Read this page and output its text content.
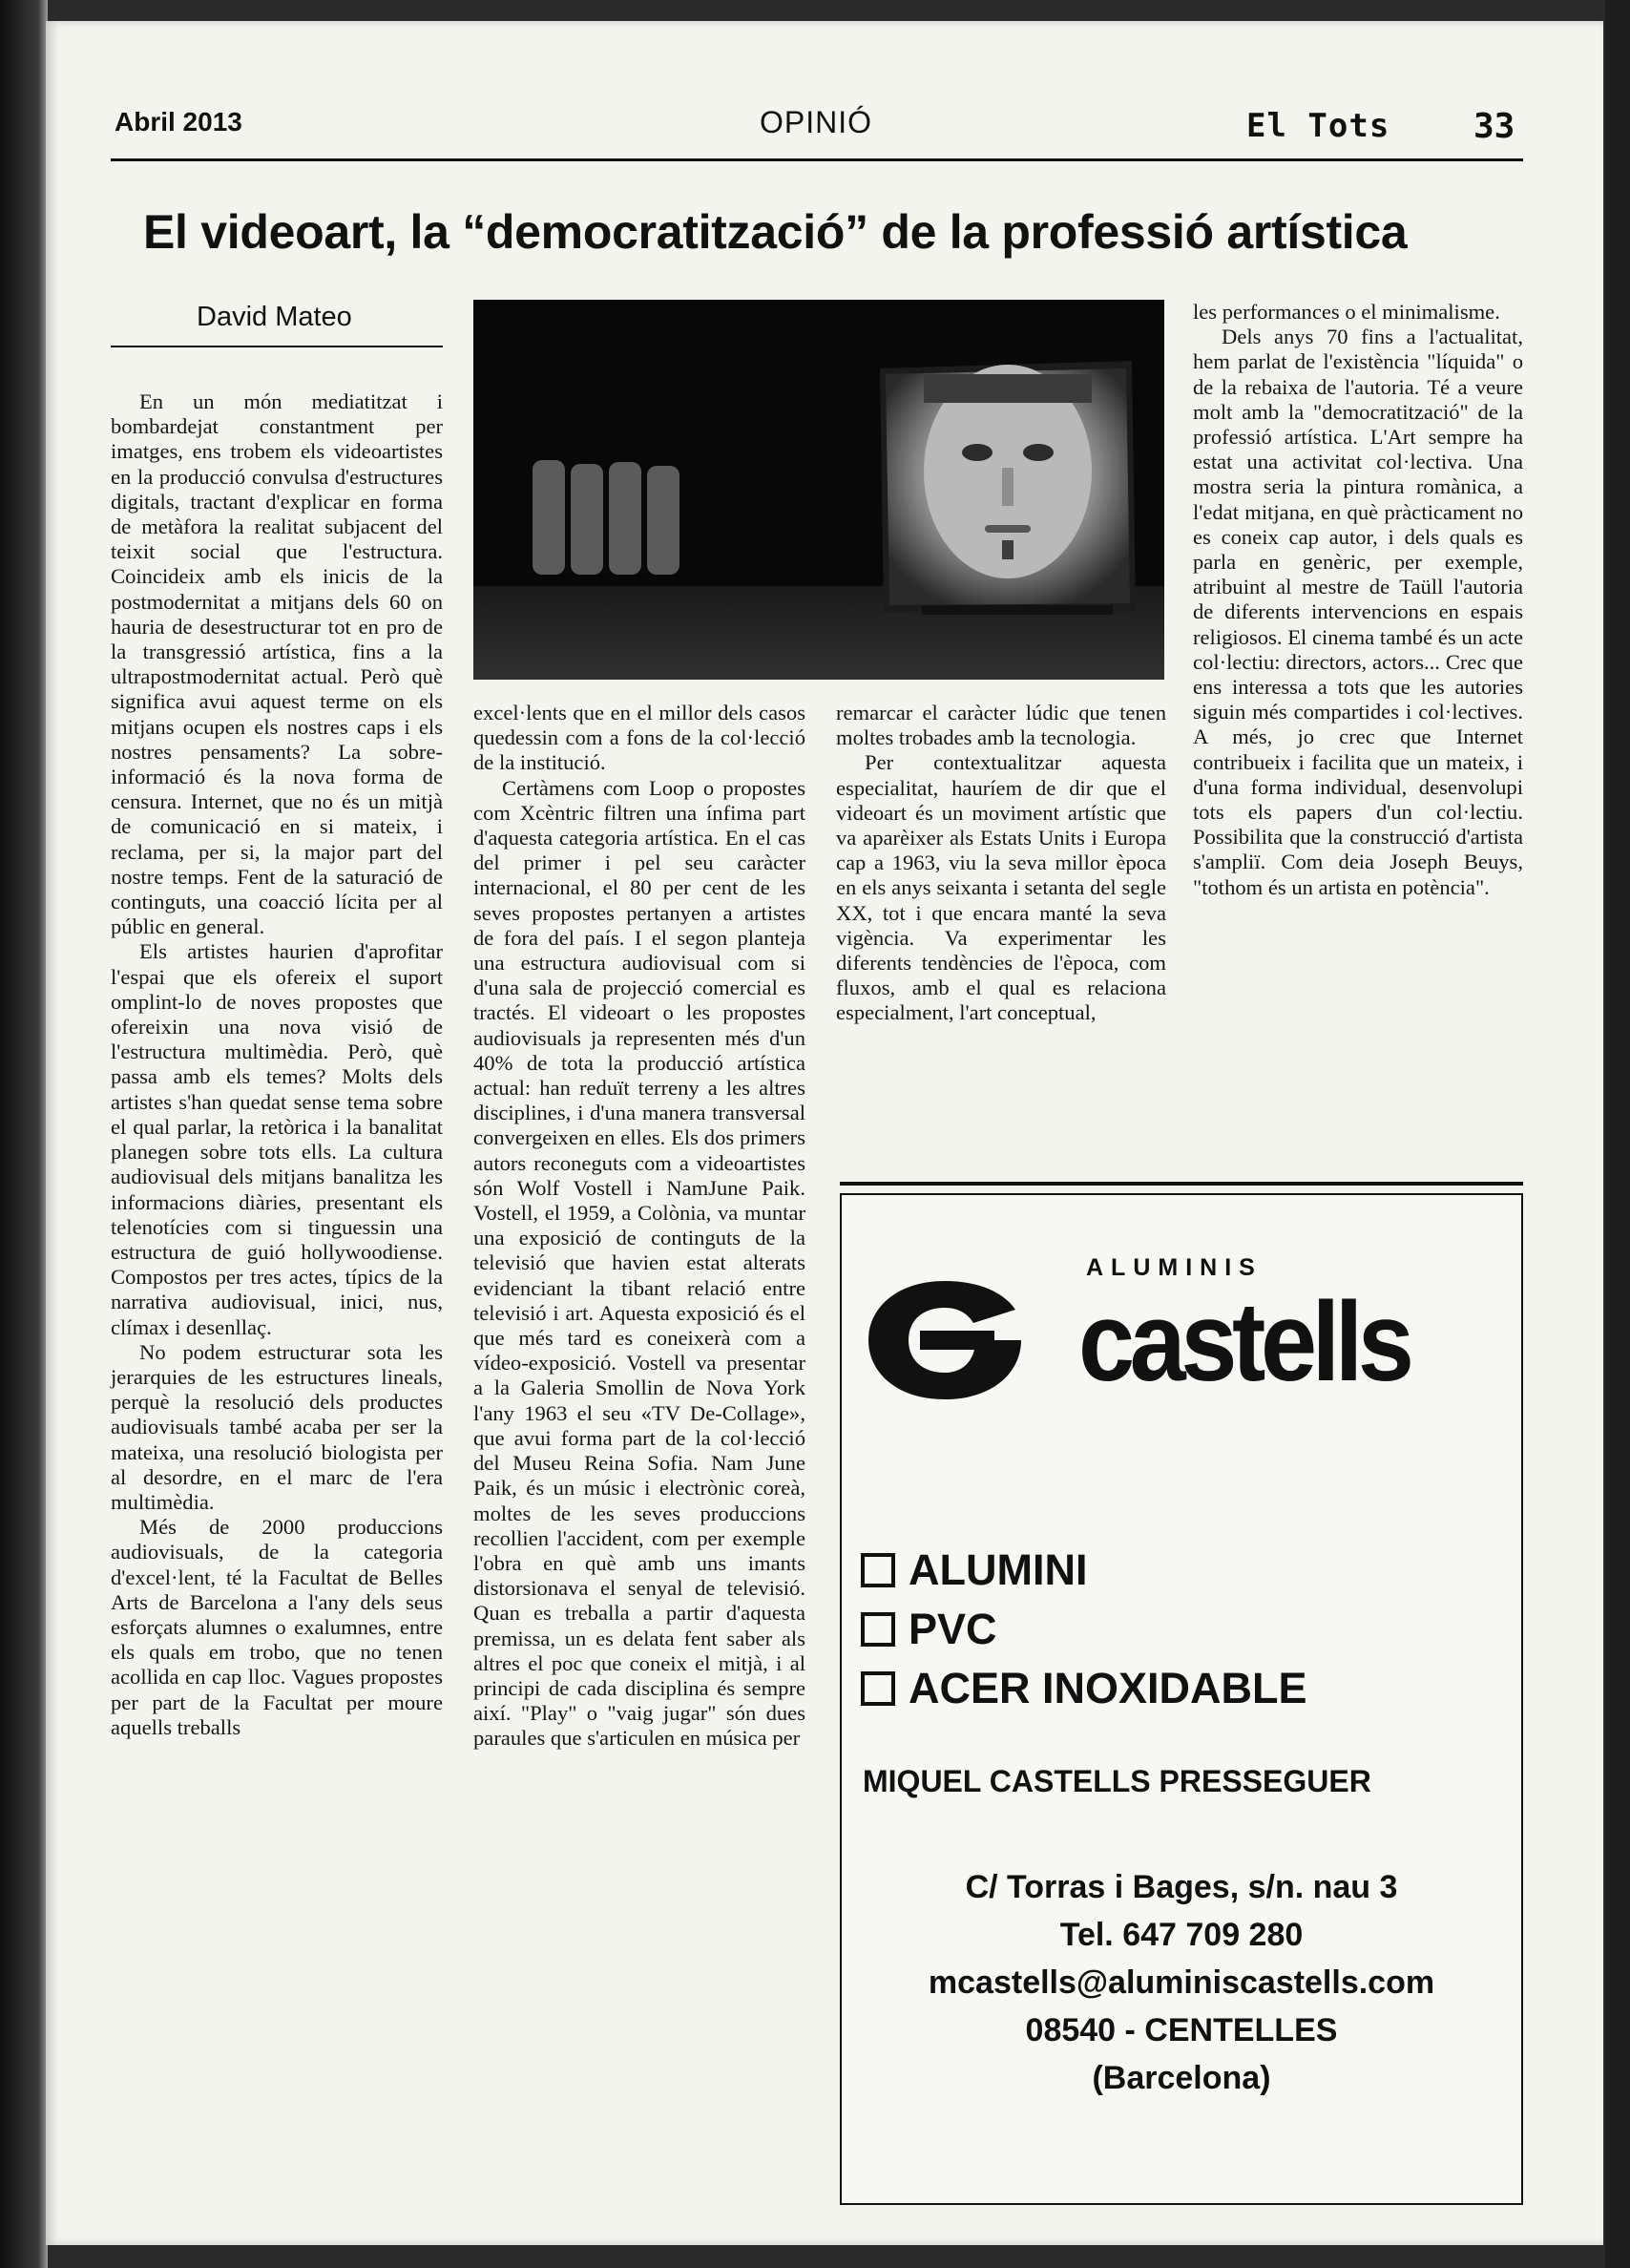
Abril 2013	OPINIÓ	El Tots 33
El videoart, la “democratització” de la professió artística
David Mateo

En un món mediatitzat i bombardejat constantment per imatges, ens trobem els videoartistes en la producció convulsa d'estructures digitals, tractant d'explicar en forma de metàfora la realitat subjacent del teixit social que l'estructura. Coincideix amb els inicis de la postmodernitat a mitjans dels 60 on hauria de desestructurar tot en pro de la transgressió artística, fins a la ultrapostmodernitat actual. Però què significa avui aquest terme on els mitjans ocupen els nostres caps i els nostres pensaments? La sobre-informació és la nova forma de censura. Internet, que no és un mitjà de comunicació en si mateix, i reclama, per si, la major part del nostre temps. Fent de la saturació de continguts, una coacció lícita per al públic en general.

Els artistes haurien d'aprofitar l'espai que els ofereix el suport omplint-lo de noves propostes que ofereixin una nova visió de l'estructura multimèdia. Però, què passa amb els temes? Molts dels artistes s'han quedat sense tema sobre el qual parlar, la retòrica i la banalitat planegen sobre tots ells. La cultura audiovisual dels mitjans banalitza les informacions diàries, presentant els telenotícies com si tinguessin una estructura de guió hollywoodiense. Compostos per tres actes, típics de la narrativa audiovisual, inici, nus, clímax i desenllaç.

No podem estructurar sota les jerarquies de les estructures lineals, perquè la resolució dels productes audiovisuals també acaba per ser la mateixa, una resolució biologista per al desordre, en el marc de l'era multimèdia.

Més de 2000 produccions audiovisuals, de la categoria d'excel·lent, té la Facultat de Belles Arts de Barcelona a l'any dels seus esforçats alumnes o exalumnes, entre els quals em trobo, que no tenen acollida en cap lloc. Vagues propostes per part de la Facultat per moure aquells treballs

excel·lents que en el millor dels casos quedessin com a fons de la col·lecció de la institució.

Certàmens com Loop o propostes com Xcèntric filtren una ínfima part d'aquesta categoria artística. En el cas del primer i pel seu caràcter internacional, el 80 per cent de les seves propostes pertanyen a artistes de fora del país. I el segon planteja una estructura audiovisual com si d'una sala de projecció comercial es tractés. El videoart o les propostes audiovisuals ja representen més d'un 40% de tota la producció artística actual: han reduït terreny a les altres disciplines, i d'una manera transversal convergeixen en elles. Els dos primers autors reconeguts com a videoartistes són Wolf Vostell i NamJune Paik. Vostell, el 1959, a Colònia, va muntar una exposició de continguts de la televisió que havien estat alterats evidenciant la tibant relació entre televisió i art. Aquesta exposició és el que més tard es coneixerà com a vídeo-exposició. Vostell va presentar a la Galeria Smollin de Nova York l'any 1963 el seu «TV De-Collage», que avui forma part de la col·lecció del Museu Reina Sofia. Nam June Paik, és un músic i electrònic coreà, moltes de les seves produccions recollien l'accident, com per exemple l'obra en què amb uns imants distorsionava el senyal de televisió. Quan es treballa a partir d'aquesta premissa, un es delata fent saber als altres el poc que coneix el mitjà, i al principi de cada disciplina és sempre així. "Play" o "vaig jugar" són dues paraules que s'articulen en música per

remarcar el caràcter lúdic que tenen moltes trobades amb la tecnologia.

Per contextualitzar aquesta especialitat, hauríem de dir que el videoart és un moviment artístic que va aparèixer als Estats Units i Europa cap a 1963, viu la seva millor època en els anys seixanta i setanta del segle XX, tot i que encara manté la seva vigència. Va experimentar les diferents tendències de l'època, com fluxos, amb el qual es relaciona especialment, l'art conceptual,

les performances o el minimalisme.

Dels anys 70 fins a l'actualitat, hem parlat de l'existència "líquida" o de la rebaixa de l'autoria. Té a veure molt amb la "democratització" de la professió artística. L'Art sempre ha estat una activitat col·lectiva. Una mostra seria la pintura romànica, a l'edat mitjana, en què pràcticament no es coneix cap autor, i dels quals es parla en genèric, per exemple, atribuint al mestre de Taüll l'autoria de diferents intervencions en espais religiosos. El cinema també és un acte col·lectiu: directors, actors... Crec que ens interessa a tots que les autories siguin més compartides i col·lectives. A més, jo crec que Internet contribueix i facilita que un mateix, i d'una forma individual, desenvolupi tots els papers d'un col·lectiu. Possibilita que la construcció d'artista s'ampliï. Com deia Joseph Beuys, "tothom és un artista en potència".

ALUMINIS
castells
ALUMINI
PVC
ACER INOXIDABLE
MIQUEL CASTELLS PRESSEGUER
C/ Torras i Bages, s/n. nau 3
Tel. 647 709 280
mcastells@aluminiscastells.com
08540 - CENTELLES
(Barcelona)
